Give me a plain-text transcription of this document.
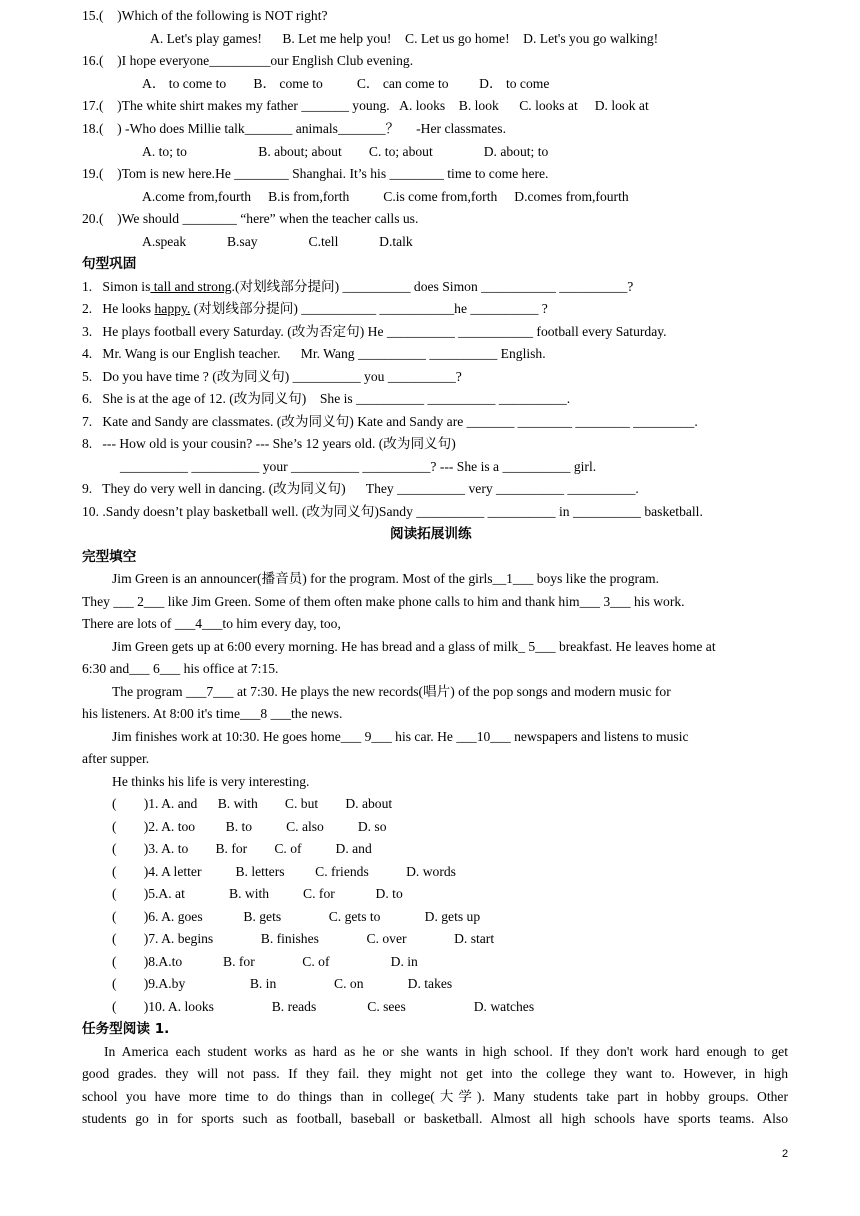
15.(    )Which of the following is NOT right?
A. Let's play games!      B. Let me help you!    C. Let us go home!    D. Let's you go walking!
16.(    )I hope everyone_________our English Club evening.
A． to come to        B． come to          C． can come to         D． to come
17.(    )The white shirt makes my father _______ young.   A. looks    B. look      C. looks at     D. look at
18.(    ) -Who does Millie talk_______ animals_______？     -Her classmates.
A. to; to                     B. about; about        C. to; about               D. about; to
19.(    )Tom is new here.He ________ Shanghai. It’s his ________ time to come here.
A.come from,fourth     B.is from,forth          C.is come from,forth     D.comes from,fourth
20.(    )We should ________ “here” when the teacher calls us.
A.speak            B.say               C.tell            D.talk
句型巩固
1.   Simon is tall and strong.(对划线部分提问) __________ does Simon ___________ __________?
2.   He looks happy. (对划线部分提问) ___________ ___________he __________ ?
3.   He plays football every Saturday. (改为否定句) He __________ ___________ football every Saturday.
4.   Mr. Wang is our English teacher.      Mr. Wang __________ __________ English.
5.   Do you have time ? (改为同义句) __________ you __________?
6.   She is at the age of 12. (改为同义句)    She is __________ __________ __________.
7.   Kate and Sandy are classmates. (改为同义句) Kate and Sandy are _______ ________ ________ _________.
8.   --- How old is your cousin? --- She’s 12 years old. (改为同义句)
__________ __________ your __________ __________? --- She is a __________ girl.
9.   They do very well in dancing. (改为同义句)      They __________ very __________ __________.
10. .Sandy doesn’t play basketball well. (改为同义句)Sandy __________ __________ in __________ basketball.
阅读拓展训练
完型填空
Jim Green is an announcer(播音员) for the program. Most of the girls__1___ boys like the program.
They ___ 2___ like Jim Green. Some of them often make phone calls to him and thank him___ 3___ his work.
There are lots of ___4___to him every day, too,
Jim Green gets up at 6:00 every morning. He has bread and a glass of milk_ 5___ breakfast. He leaves home at
6:30 and___ 6___ his office at 7:15.
The program ___7___ at 7:30. He plays the new records(唱片) of the pop songs and modern music for
his listeners. At 8:00 it's time___8 ___the news.
Jim finishes work at 10:30. He goes home___ 9___ his car. He ___10___ newspapers and listens to music
after supper.
He thinks his life is very interesting.
(        )1. A. and      B. with        C. but        D. about
(        )2. A. too         B. to          C. also          D. so
(        )3. A. to        B. for        C. of          D. and
(        )4. A letter          B. letters         C. friends           D. words
(        )5.A. at             B. with          C. for            D. to
(        )6. A. goes            B. gets              C. gets to             D. gets up
(        )7. A. begins              B. finishes              C. over              D. start
(        )8.A.to            B. for              C. of                  D. in
(        )9.A.by                   B. in                 C. on             D. takes
(        )10. A. looks                 B. reads               C. sees                    D. watches
任务型阅读 1.
In America each student works as hard as he or she wants in high school. If they don't work hard enough to get
good grades. they will not pass. If they fail. they might not get into the college they want to. However, in high
school you have more time to do things than in college(大学). Many students take part in hobby groups. Other
students go in for sports such as football, baseball or basketball. Almost all high schools have sports teams. Also
2
